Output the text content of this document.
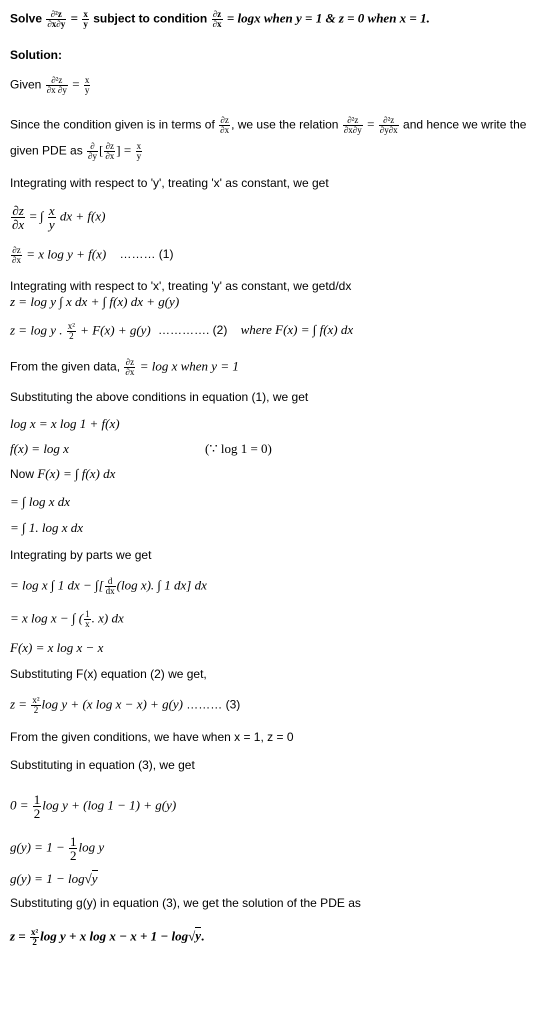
Solve $\frac{\text{∂²z}}{\partial x\partial y} = \frac{x}{y}$ subject to condition $\frac{\partial z}{\partial x} = \log x$ when y = 1 & z = 0 when x = 1.
Solution:
Given $\frac{\text{∂²z}}{\partial x \partial y} = \frac{x}{y}$
Since the condition given is in terms of $\frac{\partial z}{\partial x}$ , we use the relation $\frac{\text{∂²z}}{\partial x\partial y} = \frac{\text{∂²z}}{\partial y\partial x}$ and hence we write the
given PDE as ∂
∂y [ $\frac{\partial z}{\partial x}$ ] = $\frac{x}{y}$
Integrating with respect to 'y', treating 'x' as constant, we get
$\frac{\partial z}{\partial x}$ = ∫ $\frac{x}{y}$ dx + f(x)
$\frac{\partial z}{\partial x} = x$ log y + f(x) ……… (1)
Integrating with respect to 'x', treating 'y' as constant, we getd/dx
z = log y ∫ x dx + ∫ f(x) dx + g(y)
z = log y . $\frac{\text{x²}}{2} + F(x) + g(y)$ …………. (2) where F(x) = ∫ f(x) dx
From the given data, $\frac{\partial z}{\partial x} = \log x$ when y = 1
Substituting the above conditions in equation (1), we get
log x = x log 1 + f(x)
f(x) = log x	(∵ log 1 = 0)
Now F(x) = ∫ f(x) dx
= ∫ log x dx
= ∫ 1. log x dx
Integrating by parts we get
= log x ∫ 1 dx − ∫[ $\frac{d}{dx} (\log$ x). ∫ 1 dx] dx
= x log x − ∫ ( $\frac{1}{x}$ . x) dx
F(x) = x log x − x
Substituting F(x) equation (2) we get,
$z = \frac{\text{x²}}{2}$ log y + (x log x − x) + g(y) ……… (3)
From the given conditions, we have when x = 1, z = 0
Substituting in equation (3), we get
$0 = \frac{1}{2}$ log y + (log 1 − 1) + g(y)
$g(y) = 1 - \frac{1}{2}$ log y
g(y) = 1 − log√y
Substituting g(y) in equation (3), we get the solution of the PDE as
$z = \frac{\text{x²}}{2}$ log y + x log x − x + 1 − log√y.
